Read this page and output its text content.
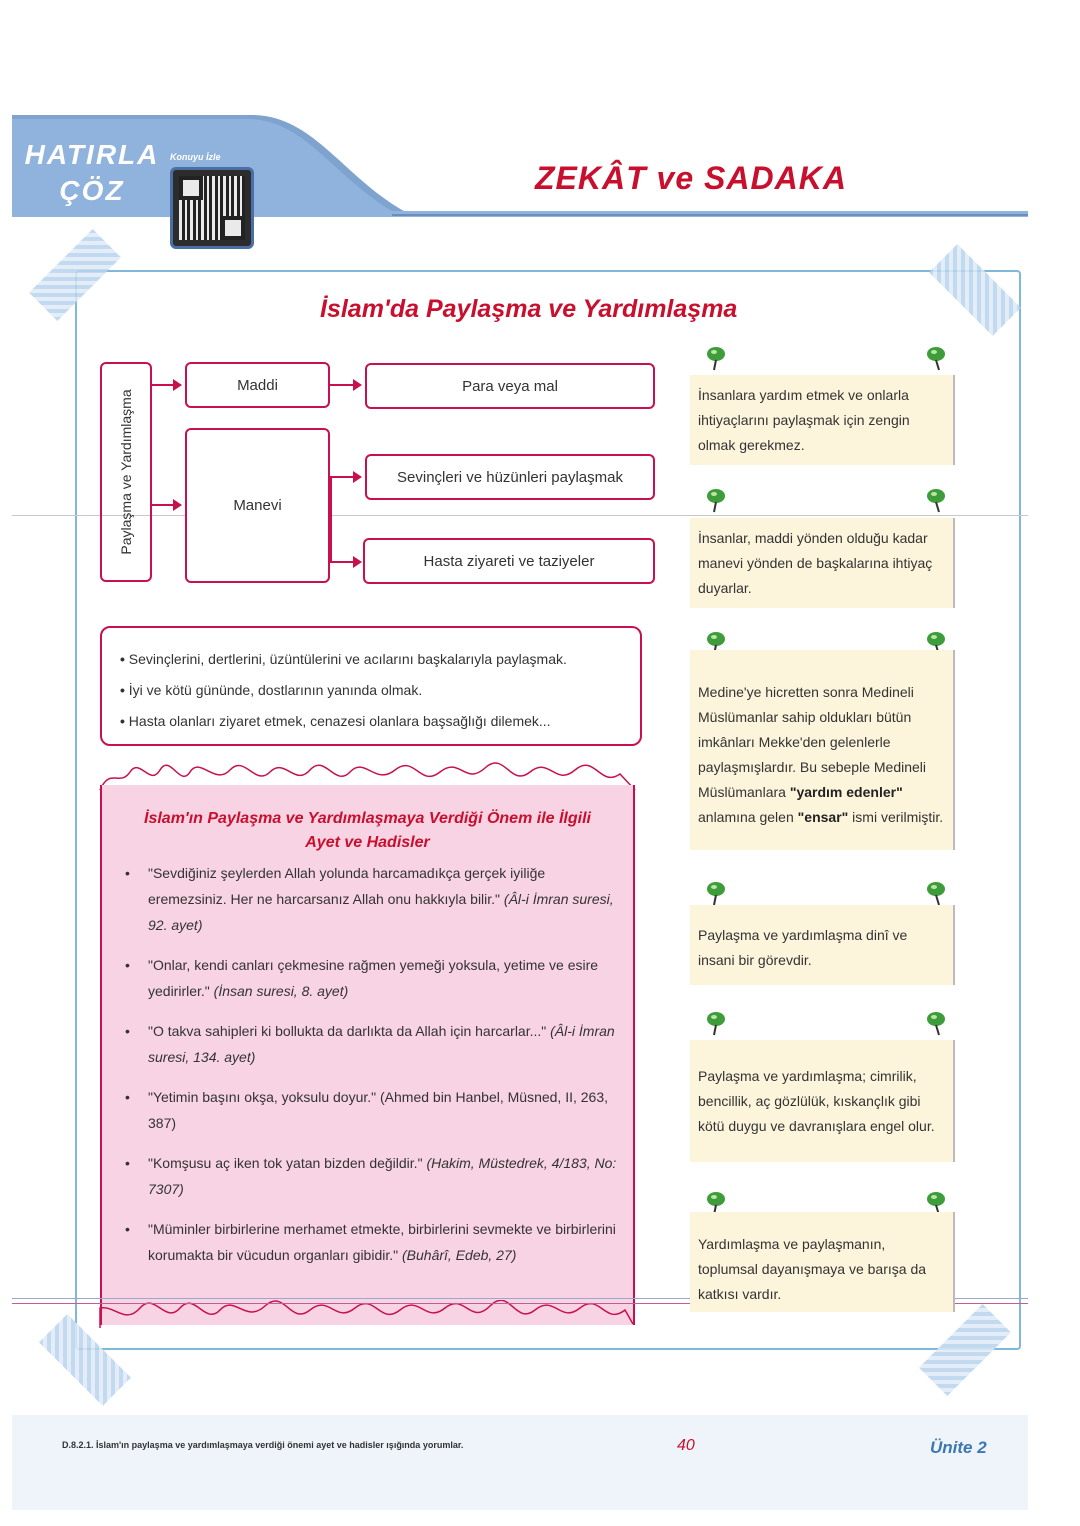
HATIRLA
ÇÖZ
Konuyu İzle
ZEKÂT ve SADAKA
İslam'da Paylaşma ve Yardımlaşma
Paylaşma ve Yardımlaşma
Maddi
Manevi
Para veya mal
Sevinçleri ve hüzünleri paylaşmak
Hasta ziyareti ve taziyeler
• Sevinçlerini, dertlerini, üzüntülerini ve acılarını başkalarıyla paylaşmak.
• İyi ve kötü gününde, dostlarının yanında olmak.
• Hasta olanları ziyaret etmek, cenazesi olanlara başsağlığı dilemek...
İslam'ın Paylaşma ve Yardımlaşmaya Verdiği Önem ile İlgili
Ayet ve Hadisler
• "Sevdiğiniz şeylerden Allah yolunda harcamadıkça gerçek iyiliğe eremezsiniz. Her ne harcarsanız Allah onu hakkıyla bilir." (Âl-i İmran suresi, 92. ayet)
• "Onlar, kendi canları çekmesine rağmen yemeği yoksula, yetime ve esire yedirirler." (İnsan suresi, 8. ayet)
• "O takva sahipleri ki bollukta da darlıkta da Allah için harcarlar..." (Âl-i İmran suresi, 134. ayet)
• "Yetimin başını okşa, yoksulu doyur." (Ahmed bin Hanbel, Müsned, II, 263, 387)
• "Komşusu aç iken tok yatan bizden değildir." (Hakim, Müstedrek, 4/183, No: 7307)
• "Müminler birbirlerine merhamet etmekte, birbirlerini sevmekte ve birbirlerini korumakta bir vücudun organları gibidir." (Buhârî, Edeb, 27)
İnsanlara yardım etmek ve onlarla ihtiyaçlarını paylaşmak için zengin olmak gerekmez.
İnsanlar, maddi yönden olduğu kadar manevi yönden de başkalarına ihtiyaç duyarlar.
Medine'ye hicretten sonra Medineli Müslümanlar sahip oldukları bütün imkânları Mekke'den gelenlerle paylaşmışlardır. Bu sebeple Medineli Müslümanlara "yardım edenler" anlamına gelen "ensar" ismi verilmiştir.
Paylaşma ve yardımlaşma dinî ve insani bir görevdir.
Paylaşma ve yardımlaşma; cimrilik, bencillik, aç gözlülük, kıskançlık gibi kötü duygu ve davranışlara engel olur.
Yardımlaşma ve paylaşmanın, toplumsal dayanışmaya ve barışa da katkısı vardır.
D.8.2.1. İslam'ın paylaşma ve yardımlaşmaya verdiği önemi ayet ve hadisler ışığında yorumlar.	40	Ünite 2
